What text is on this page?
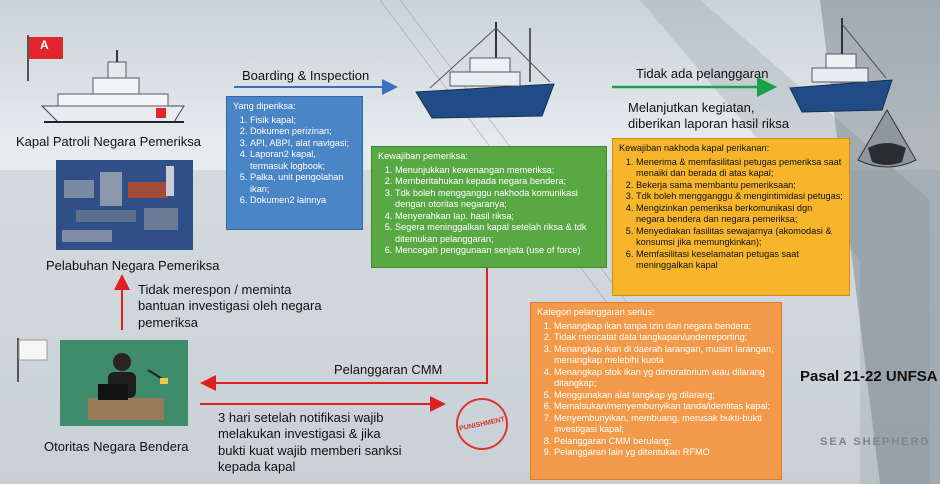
A
Kapal Patroli Negara Pemeriksa
Pelabuhan Negara Pemeriksa
Otoritas Negara Bendera
Boarding & Inspection	Tidak ada pelanggaran
Melanjutkan kegiatan, diberikan laporan hasil riksa
Tidak merespon / meminta bantuan investigasi oleh negara pemeriksa
Pelanggaran CMM
3 hari setelah notifikasi wajib melakukan investigasi & jika bukti kuat wajib memberi sanksi kepada kapal
Yang diperiksa:
1. Fisik kapal;
2. Dokumen perizinan;
3. API, ABPI, alat navigasi;
4. Laporan2 kapal, termasuk logbook;
5. Palka, unit pengolahan ikan;
6. Dokumen2 lainnya
Kewajiban pemeriksa:
1. Menunjukkan kewenangan memeriksa;
2. Memberitahukan kepada negara bendera;
3. Tdk boleh mengganggu nakhoda komunikasi dengan otoritas negaranya;
4. Menyerahkan lap. hasil riksa;
5. Segera meninggalkan kapal setelah riksa & tdk ditemukan pelanggaran;
6. Mencegah penggunaan senjata (use of force)
Kewajiban nakhoda kapal perikanan:
1. Menerima & memfasilitasi petugas pemeriksa saat menaiki dan berada di atas kapal;
2. Bekerja sama membantu pemeriksaan;
3. Tdk boleh mengganggu & mengintimidasi petugas;
4. Mengizinkan pemeriksa berkomunikasi dgn negara bendera dan negara pemeriksa;
5. Menyediakan fasilitas sewajarnya (akomodasi & konsumsi jika memungkinkan);
6. Memfasilitasi keselamatan petugas saat meninggalkan kapal
Kategori pelanggaran serius:
1. Menangkap ikan tanpa izin dari negara bendera;
2. Tidak mencatat data tangkapan/underreporting;
3. Menangkap ikan di daerah larangan, musim larangan, menangkap melebihi kuota
4. Menangkap stok ikan yg dimoratorium atau dilarang ditangkap;
5. Menggunakan alat tangkap yg dilarang;
6. Memalsukan/menyembunyikan tanda/identitas kapal;
7. Menyembunyikan, membuang, merusak bukti-bukti investigasi kapal;
8. Pelanggaran CMM berulang;
9. Pelanggaran lain yg ditentukan RFMO
PUNISHMENT
Pasal 21-22 UNFSA
SEA SHEPHERD
